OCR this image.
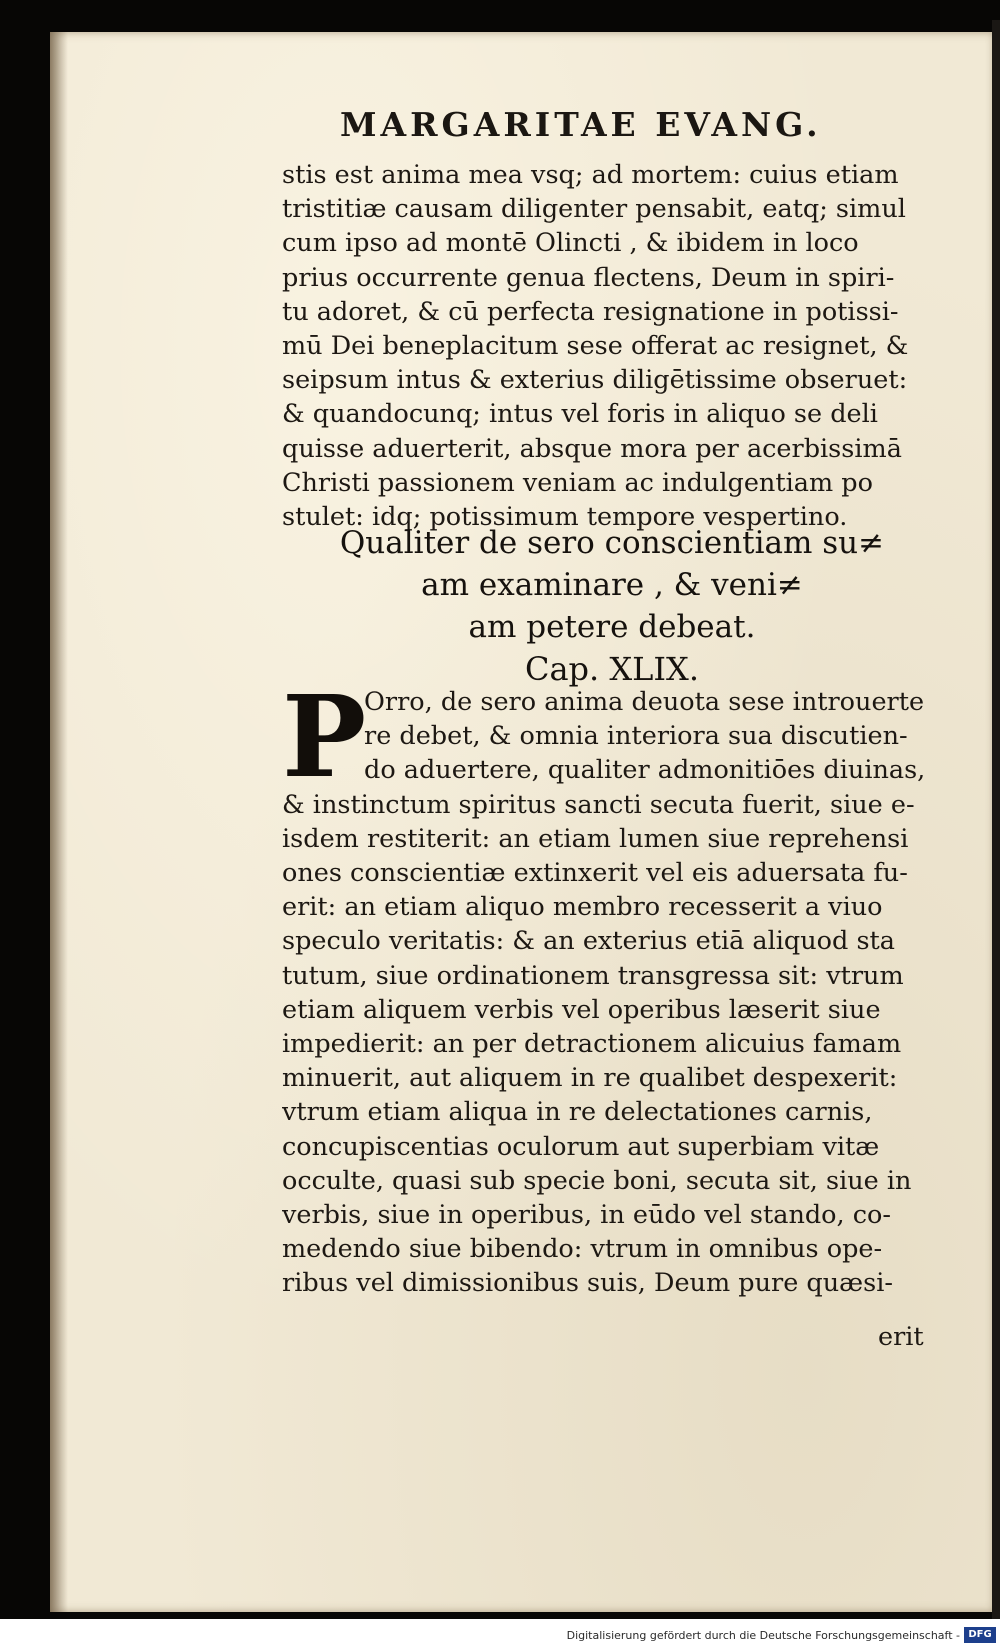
MARGARITAE EVANG.
stis est anima mea vsq; ad mortem: cuius etiam
tristitiæ causam diligenter pensabit, eatq; simul
cum ipso ad montē Olincti , & ibidem in loco
prius occurrente genua flectens, Deum in spiri-
tu adoret, & cū perfecta resignatione in potissi-
mū Dei beneplacitum sese offerat ac resignet, &
seipsum intus & exterius diligētissime obseruet:
& quandocunq; intus vel foris in aliquo se deli
quisse aduerterit, absque mora per acerbissimā
Christi passionem veniam ac indulgentiam po
stulet: idq; potissimum tempore vespertino.
Qualiter de sero conscientiam su≠
am examinare , & veni≠
am petere debeat.
Cap. XLIX.
P
Orro, de sero anima deuota sese introuerte
re debet, & omnia interiora sua discutien-
do aduertere, qualiter admonitiōes diuinas,
& instinctum spiritus sancti secuta fuerit, siue e-
isdem restiterit: an etiam lumen siue reprehensi
ones conscientiæ extinxerit vel eis aduersata fu-
erit: an etiam aliquo membro recesserit a viuo
speculo veritatis: & an exterius etiā aliquod sta
tutum, siue ordinationem transgressa sit: vtrum
etiam aliquem verbis vel operibus læserit siue
impedierit: an per detractionem alicuius famam
minuerit, aut aliquem in re qualibet despexerit:
vtrum etiam aliqua in re delectationes carnis,
concupiscentias oculorum aut superbiam vitæ
occulte, quasi sub specie boni, secuta sit, siue in
verbis, siue in operibus, in eūdo vel stando, co-
medendo siue bibendo: vtrum in omnibus ope-
ribus vel dimissionibus suis, Deum pure quæsi-
erit
Digitalisierung gefördert durch die Deutsche Forschungsgemeinschaft - DFG
